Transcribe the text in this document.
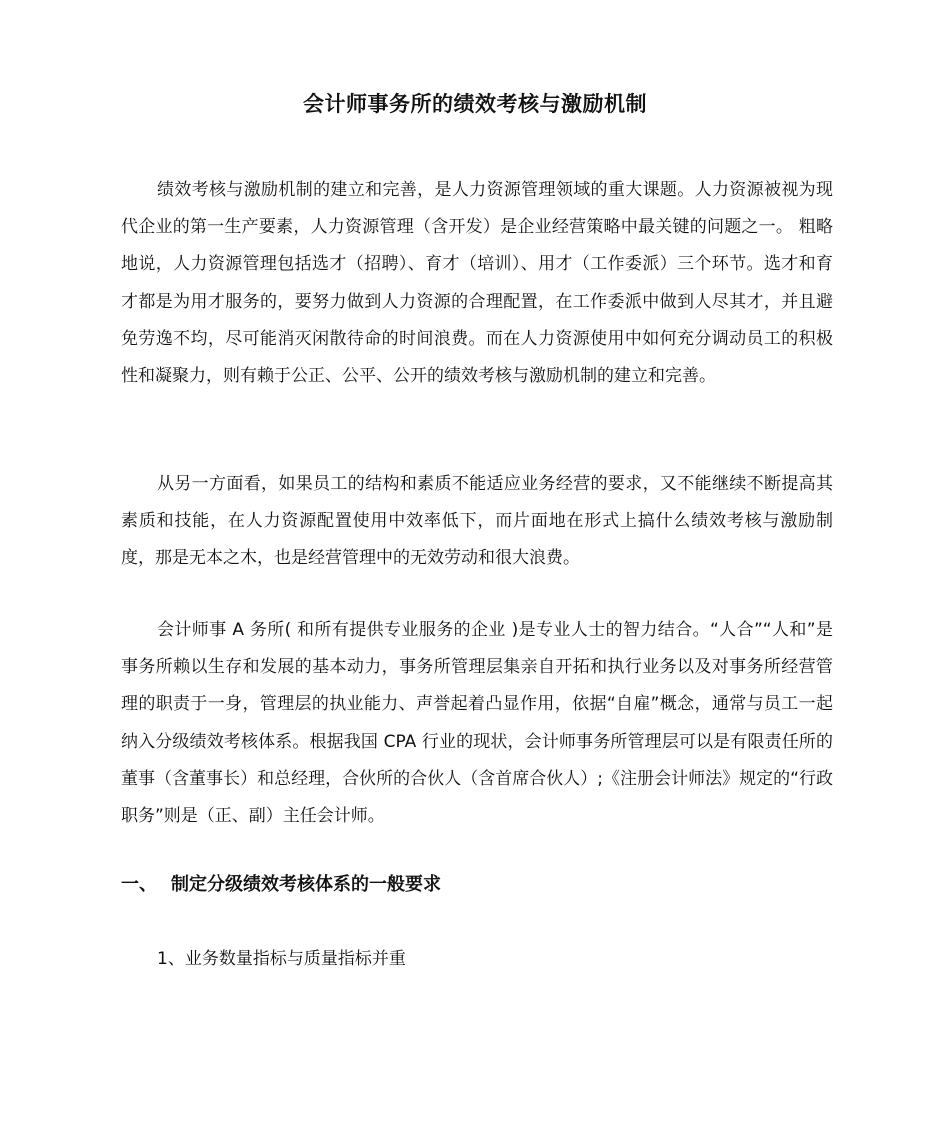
会计师事务所的绩效考核与激励机制

绩效考核与激励机制的建立和完善，是人力资源管理领域的重大课题。人力资源被视为现代企业的第一生产要素，人力资源管理（含开发）是企业经营策略中最关键的问题之一。 粗略地说，人力资源管理包括选才（招聘）、育才（培训）、用才（工作委派）三个环节。选才和育才都是为用才服务的，要努力做到人力资源的合理配置，在工作委派中做到人尽其才，并且避免劳逸不均，尽可能消灭闲散待命的时间浪费。而在人力资源使用中如何充分调动员工的积极性和凝聚力，则有赖于公正、公平、公开的绩效考核与激励机制的建立和完善。

从另一方面看，如果员工的结构和素质不能适应业务经营的要求，又不能继续不断提高其素质和技能，在人力资源配置使用中效率低下，而片面地在形式上搞什么绩效考核与激励制度，那是无本之木，也是经营管理中的无效劳动和很大浪费。

会计师事 A 务所( 和所有提供专业服务的企业 )是专业人士的智力结合。“人合”“人和”是事务所赖以生存和发展的基本动力，事务所管理层集亲自开拓和执行业务以及对事务所经营管理的职责于一身，管理层的执业能力、声誉起着凸显作用，依据“自雇”概念，通常与员工一起纳入分级绩效考核体系。根据我国 CPA 行业的现状，会计师事务所管理层可以是有限责任所的董事（含董事长）和总经理，合伙所的合伙人（含首席合伙人）;《注册会计师法》规定的“行政职务”则是（正、副）主任会计师。

一、 制定分级绩效考核体系的一般要求
1、业务数量指标与质量指标并重
